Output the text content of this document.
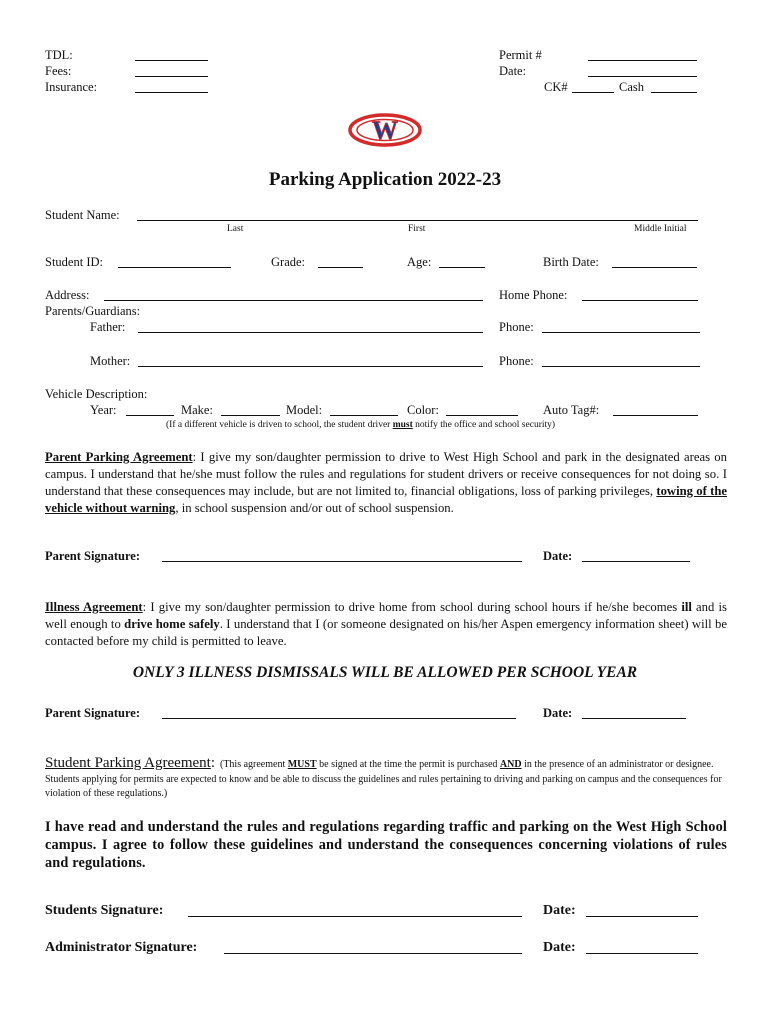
TDL:
Fees:
Insurance:
Permit #
Date:
CK#	Cash
W
Parking Application 2022-23
Student Name:
Last	First	Middle Initial
Student ID:	Grade:	Age:	Birth Date:
Address:	Home Phone:
Parents/Guardians:
Father:	Phone:
Mother:	Phone:
Vehicle Description:
Year:	Make:	Model:	Color:	Auto Tag#:
(If a different vehicle is driven to school, the student driver must notify the office and school security)
Parent Parking Agreement: I give my son/daughter permission to drive to West High School and park in the designated areas on campus. I understand that he/she must follow the rules and regulations for student drivers or receive consequences for not doing so. I understand that these consequences may include, but are not limited to, financial obligations, loss of parking privileges, towing of the vehicle without warning, in school suspension and/or out of school suspension.
Parent Signature:	Date:
Illness Agreement: I give my son/daughter permission to drive home from school during school hours if he/she becomes ill and is well enough to drive home safely. I understand that I (or someone designated on his/her Aspen emergency information sheet) will be contacted before my child is permitted to leave.
ONLY 3 ILLNESS DISMISSALS WILL BE ALLOWED PER SCHOOL YEAR
Parent Signature:	Date:
Student Parking Agreement: (This agreement MUST be signed at the time the permit is purchased AND in the presence of an administrator or designee. Students applying for permits are expected to know and be able to discuss the guidelines and rules pertaining to driving and parking on campus and the consequences for violation of these regulations.)
I have read and understand the rules and regulations regarding traffic and parking on the West High School campus. I agree to follow these guidelines and understand the consequences concerning violations of rules and regulations.
Students Signature:	Date:
Administrator Signature:	Date:
